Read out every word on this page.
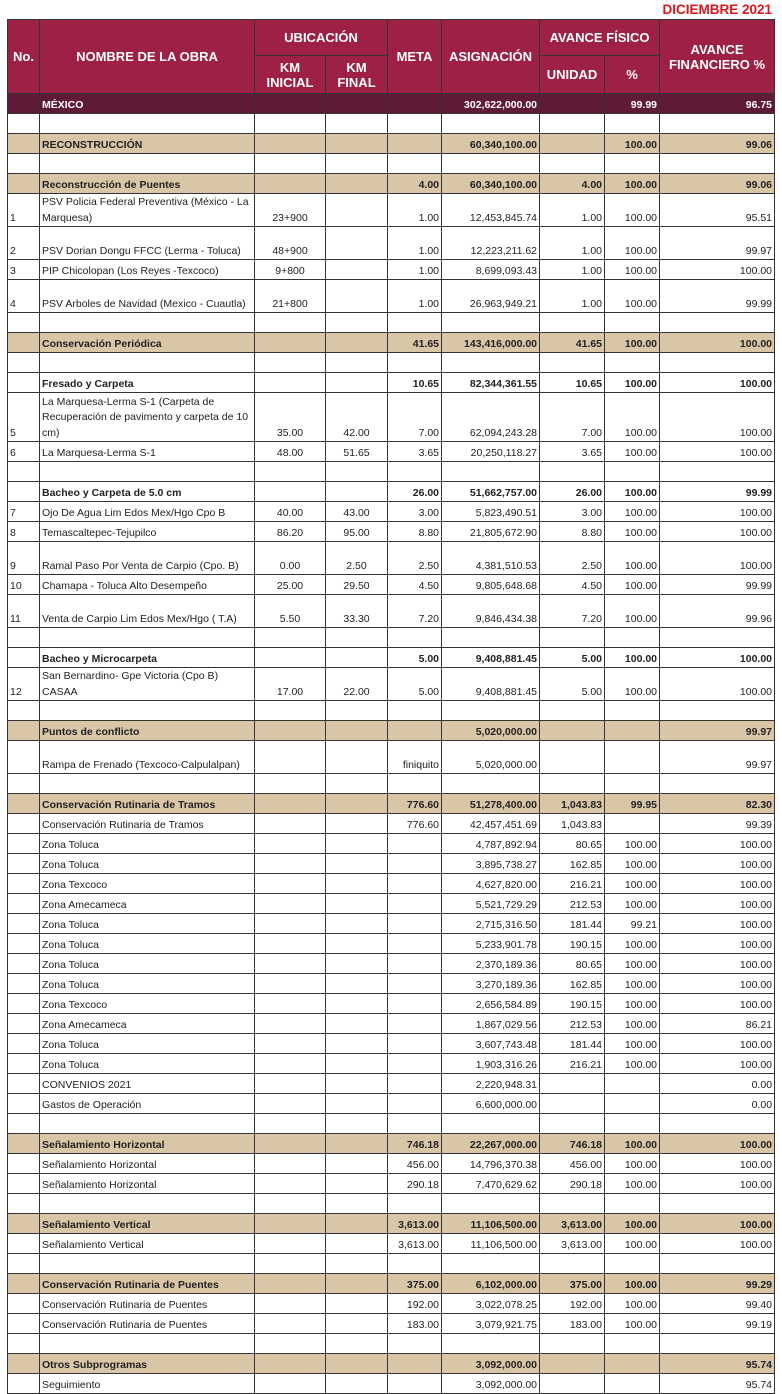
DICIEMBRE 2021
No.	NOMBRE DE LA OBRA	UBICACIÓN		META	ASIGNACIÓN	AVANCE FÍSICO		AVANCE FINANCIERO %
		KM INICIAL	KM FINAL			UNIDAD	%	
	MÉXICO				302,622,000.00		99.99	96.75

	RECONSTRUCCIÓN				60,340,100.00		100.00	99.06

	Reconstrucción de Puentes			4.00	60,340,100.00	4.00	100.00	99.06
1	PSV Policia Federal Preventiva (México - La Marquesa)	23+900		1.00	12,453,845.74	1.00	100.00	95.51
2	PSV Dorian Dongu FFCC (Lerma - Toluca)	48+900		1.00	12,223,211.62	1.00	100.00	99.97
3	PIP Chicolopan (Los Reyes -Texcoco)	9+800		1.00	8,699,093.43	1.00	100.00	100.00
4	PSV Arboles de Navidad (Mexico - Cuautla)	21+800		1.00	26,963,949.21	1.00	100.00	99.99

	Conservación Periódica			41.65	143,416,000.00	41.65	100.00	100.00

	Fresado y Carpeta			10.65	82,344,361.55	10.65	100.00	100.00
5	La Marquesa-Lerma S-1 (Carpeta de Recuperación de pavimento y carpeta de 10 cm)	35.00	42.00	7.00	62,094,243.28	7.00	100.00	100.00
6	La Marquesa-Lerma S-1	48.00	51.65	3.65	20,250,118.27	3.65	100.00	100.00

	Bacheo y Carpeta de 5.0 cm			26.00	51,662,757.00	26.00	100.00	99.99
7	Ojo De Agua Lim Edos Mex/Hgo Cpo B	40.00	43.00	3.00	5,823,490.51	3.00	100.00	100.00
8	Temascaltepec-Tejupilco	86.20	95.00	8.80	21,805,672.90	8.80	100.00	100.00
9	Ramal Paso Por Venta de Carpio (Cpo. B)	0.00	2.50	2.50	4,381,510.53	2.50	100.00	100.00
10	Chamapa - Toluca Alto Desempeño	25.00	29.50	4.50	9,805,648.68	4.50	100.00	99.99
11	Venta de Carpio Lim Edos Mex/Hgo ( T.A)	5.50	33.30	7.20	9,846,434.38	7.20	100.00	99.96

	Bacheo y Microcarpeta			5.00	9,408,881.45	5.00	100.00	100.00
12	San Bernardino- Gpe Victoria (Cpo B) CASAA	17.00	22.00	5.00	9,408,881.45	5.00	100.00	100.00

	Puntos de conflicto				5,020,000.00			99.97
	Rampa de Frenado (Texcoco-Calpulalpan)			finiquito	5,020,000.00			99.97

	Conservación Rutinaria de Tramos			776.60	51,278,400.00	1,043.83	99.95	82.30
	Conservación Rutinaria de Tramos			776.60	42,457,451.69	1,043.83		99.39
	Zona Toluca				4,787,892.94	80.65	100.00	100.00
	Zona Toluca				3,895,738.27	162.85	100.00	100.00
	Zona Texcoco				4,627,820.00	216.21	100.00	100.00
	Zona Amecameca				5,521,729.29	212.53	100.00	100.00
	Zona Toluca				2,715,316.50	181.44	99.21	100.00
	Zona Toluca				5,233,901.78	190.15	100.00	100.00
	Zona Toluca				2,370,189.36	80.65	100.00	100.00
	Zona Toluca				3,270,189.36	162.85	100.00	100.00
	Zona Texcoco				2,656,584.89	190.15	100.00	100.00
	Zona Amecameca				1,867,029.56	212.53	100.00	86.21
	Zona Toluca				3,607,743.48	181.44	100.00	100.00
	Zona Toluca				1,903,316.26	216.21	100.00	100.00
	CONVENIOS 2021				2,220,948.31			0.00
	Gastos de Operación				6,600,000.00			0.00

	Señalamiento Horizontal			746.18	22,267,000.00	746.18	100.00	100.00
	Señalamiento Horizontal			456.00	14,796,370.38	456.00	100.00	100.00
	Señalamiento Horizontal			290.18	7,470,629.62	290.18	100.00	100.00

	Señalamiento Vertical			3,613.00	11,106,500.00	3,613.00	100.00	100.00
	Señalamiento Vertical			3,613.00	11,106,500.00	3,613.00	100.00	100.00

	Conservación Rutinaria de Puentes			375.00	6,102,000.00	375.00	100.00	99.29
	Conservación Rutinaria de Puentes			192.00	3,022,078.25	192.00	100.00	99.40
	Conservación Rutinaria de Puentes			183.00	3,079,921.75	183.00	100.00	99.19

	Otros Subprogramas				3,092,000.00			95.74
	Seguimiento				3,092,000.00			95.74
